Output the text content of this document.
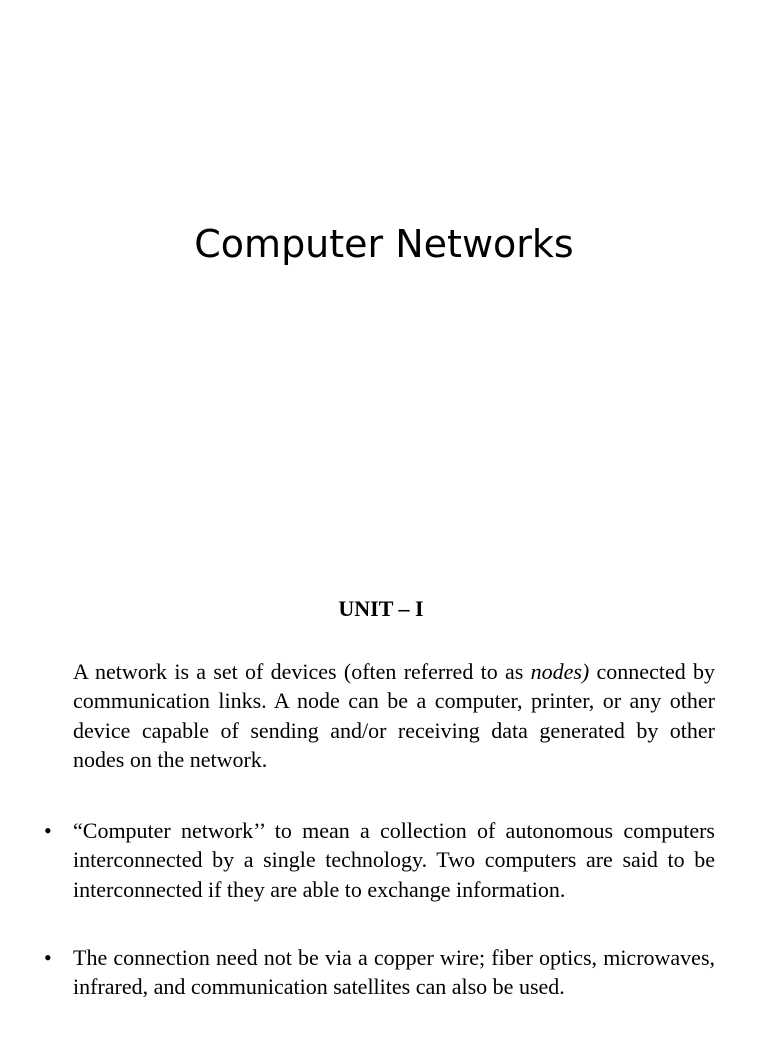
Computer Networks
UNIT – I

A network is a set of devices (often referred to as nodes) connected by communication links. A node can be a computer, printer, or any other device capable of sending and/or receiving data generated by other nodes on the network.

• “Computer network’’ to mean a collection of autonomous computers interconnected by a single technology. Two computers are said to be interconnected if they are able to exchange information.
• The connection need not be via a copper wire; fiber optics, microwaves, infrared, and communication satellites can also be used.
